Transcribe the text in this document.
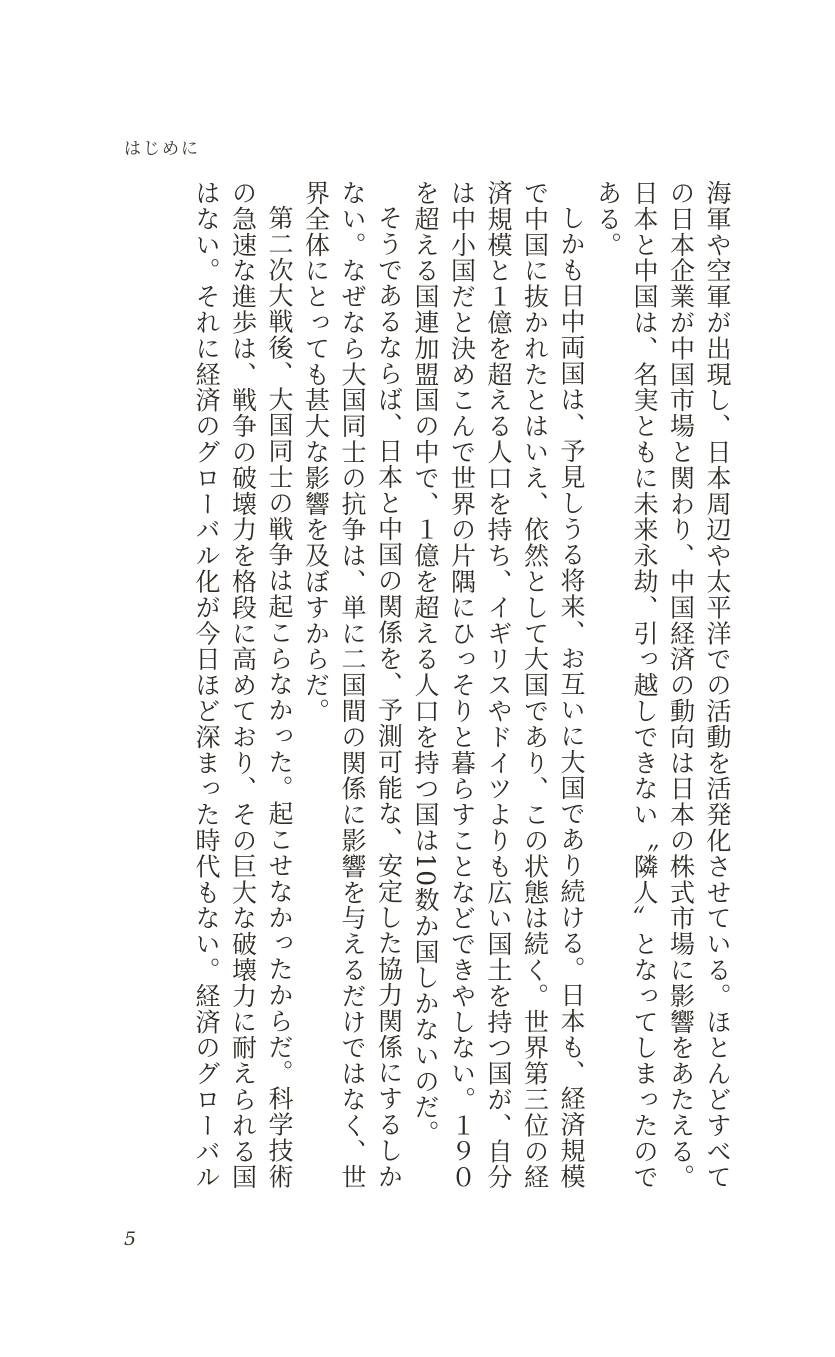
はじめに
海軍や空軍が出現し、日本周辺や太平洋での活動を活発化させている。ほとんどすべて
の日本企業が中国市場と関わり、中国経済の動向は日本の株式市場に影響をあたえる。
日本と中国は、名実ともに未来永劫、引っ越しできない〝隣人〟となってしまったので
ある。
しかも日中両国は、予見しうる将来、お互いに大国であり続ける。日本も、経済規模
で中国に抜かれたとはいえ、依然として大国であり、この状態は続く。世界第三位の経
済規模と１億を超える人口を持ち、イギリスやドイツよりも広い国土を持つ国が、自分
は中小国だと決めこんで世界の片隅にひっそりと暮らすことなどできやしない。１９０
を超える国連加盟国の中で、１億を超える人口を持つ国は10数か国しかないのだ。
そうであるならば、日本と中国の関係を、予測可能な、安定した協力関係にするしか
ない。なぜなら大国同士の抗争は、単に二国間の関係に影響を与えるだけではなく、世
界全体にとっても甚大な影響を及ぼすからだ。
第二次大戦後、大国同士の戦争は起こらなかった。起こせなかったからだ。科学技術
の急速な進歩は、戦争の破壊力を格段に高めており、その巨大な破壊力に耐えられる国
はない。それに経済のグローバル化が今日ほど深まった時代もない。経済のグローバル
5
